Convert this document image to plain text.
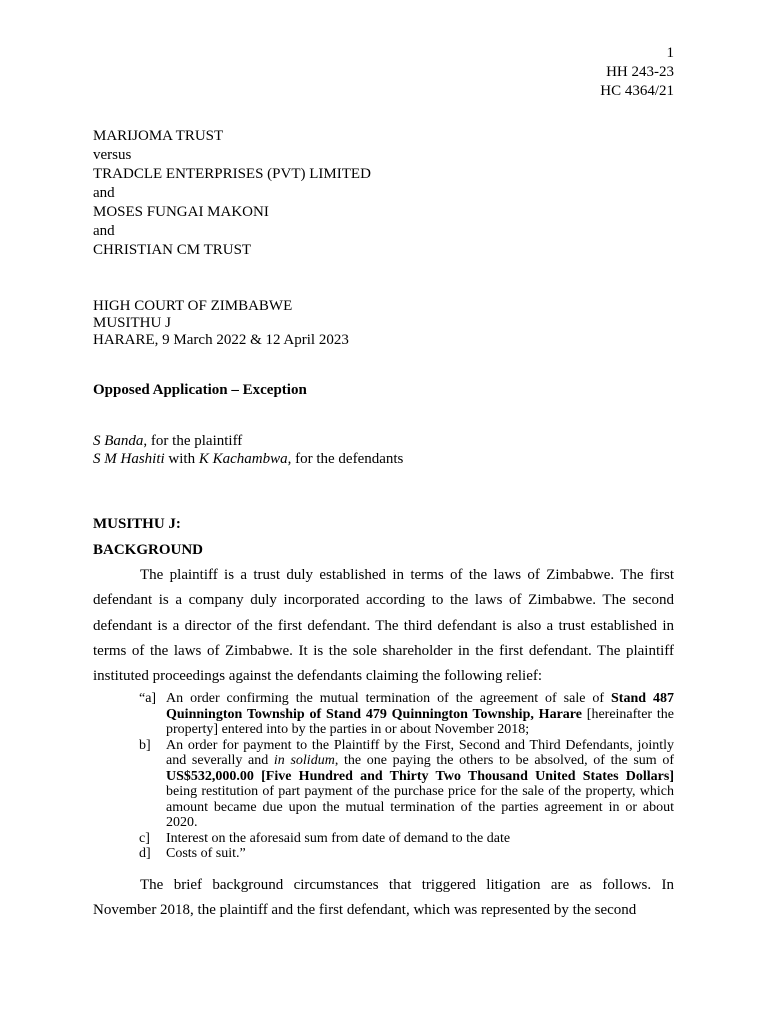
1
HH 243-23
HC 4364/21
MARIJOMA TRUST
versus
TRADCLE ENTERPRISES (PVT) LIMITED
and
MOSES FUNGAI MAKONI
and
CHRISTIAN CM TRUST
HIGH COURT OF ZIMBABWE
MUSITHU J
HARARE, 9 March 2022 & 12 April 2023
Opposed Application – Exception
S Banda, for the plaintiff
S M Hashiti with K Kachambwa, for the defendants
MUSITHU J:
BACKGROUND
The plaintiff is a trust duly established in terms of the laws of Zimbabwe. The first defendant is a company duly incorporated according to the laws of Zimbabwe. The second defendant is a director of the first defendant. The third defendant is also a trust established in terms of the laws of Zimbabwe. It is the sole shareholder in the first defendant. The plaintiff instituted proceedings against the defendants claiming the following relief:
“a] An order confirming the mutual termination of the agreement of sale of Stand 487 Quinnington Township of Stand 479 Quinnington Township, Harare [hereinafter the property] entered into by the parties in or about November 2018;
b] An order for payment to the Plaintiff by the First, Second and Third Defendants, jointly and severally and in solidum, the one paying the others to be absolved, of the sum of US$532,000.00 [Five Hundred and Thirty Two Thousand United States Dollars] being restitution of part payment of the purchase price for the sale of the property, which amount became due upon the mutual termination of the parties agreement in or about 2020.
c] Interest on the aforesaid sum from date of demand to the date
d] Costs of suit.”
The brief background circumstances that triggered litigation are as follows. In November 2018, the plaintiff and the first defendant, which was represented by the second
